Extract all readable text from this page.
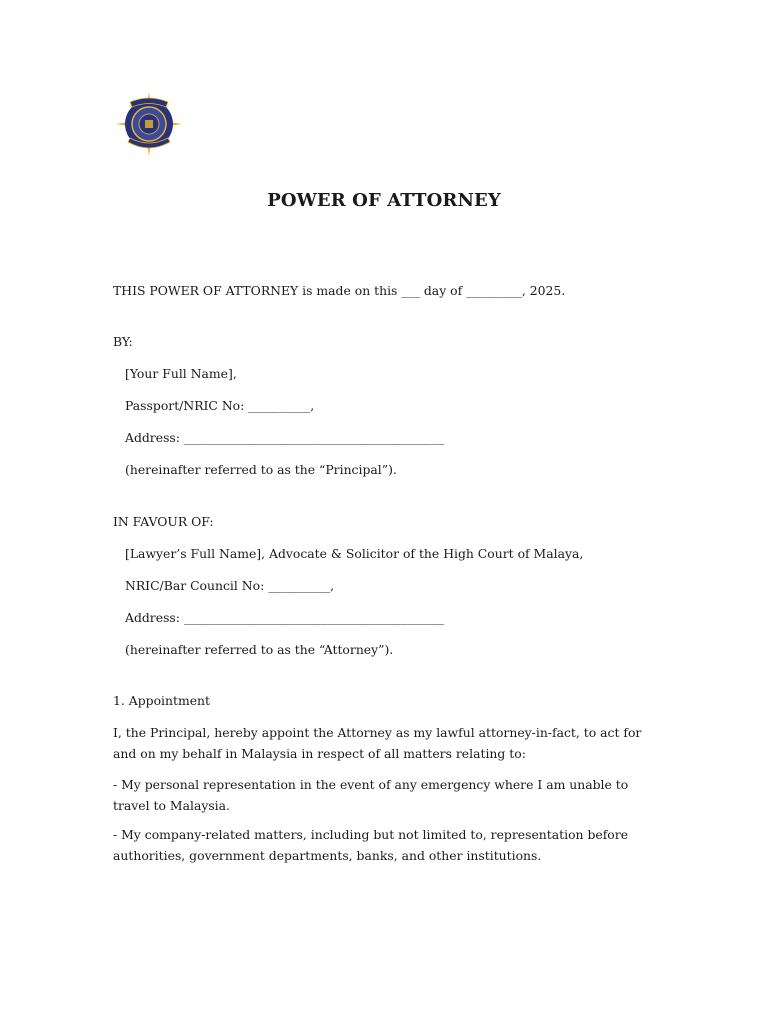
POWER OF ATTORNEY
THIS POWER OF ATTORNEY is made on this ___ day of _________, 2025.
BY:
[Your Full Name],
Passport/NRIC No: __________,
Address: __________________________________________
(hereinafter referred to as the “Principal”).
IN FAVOUR OF:
[Lawyer’s Full Name], Advocate & Solicitor of the High Court of Malaya,
NRIC/Bar Council No: __________,
Address: __________________________________________
(hereinafter referred to as the “Attorney”).
1. Appointment
I, the Principal, hereby appoint the Attorney as my lawful attorney-in-fact, to act for and on my behalf in Malaysia in respect of all matters relating to:
- My personal representation in the event of any emergency where I am unable to travel to Malaysia.
- My company-related matters, including but not limited to, representation before authorities, government departments, banks, and other institutions.
